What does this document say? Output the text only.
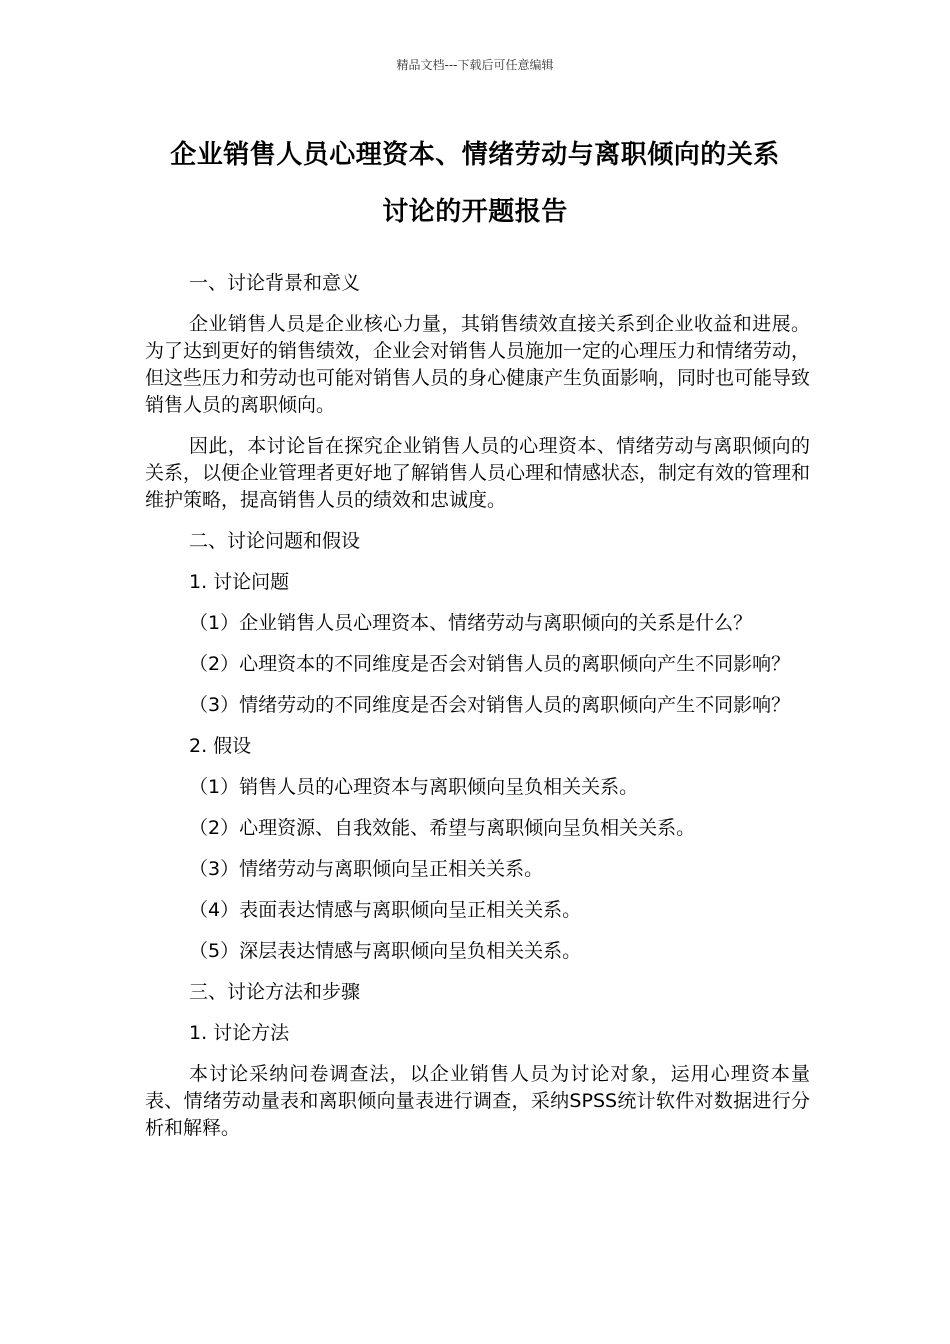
精品文档---下载后可任意编辑
企业销售人员心理资本、情绪劳动与离职倾向的关系
讨论的开题报告

一、讨论背景和意义

企业销售人员是企业核心力量，其销售绩效直接关系到企业收益和进展。为了达到更好的销售绩效，企业会对销售人员施加一定的心理压力和情绪劳动，但这些压力和劳动也可能对销售人员的身心健康产生负面影响，同时也可能导致销售人员的离职倾向。

因此，本讨论旨在探究企业销售人员的心理资本、情绪劳动与离职倾向的关系，以便企业管理者更好地了解销售人员心理和情感状态，制定有效的管理和维护策略，提高销售人员的绩效和忠诚度。

二、讨论问题和假设

1. 讨论问题

（1）企业销售人员心理资本、情绪劳动与离职倾向的关系是什么？

（2）心理资本的不同维度是否会对销售人员的离职倾向产生不同影响？

（3）情绪劳动的不同维度是否会对销售人员的离职倾向产生不同影响？

2. 假设

（1）销售人员的心理资本与离职倾向呈负相关关系。

（2）心理资源、自我效能、希望与离职倾向呈负相关关系。

（3）情绪劳动与离职倾向呈正相关关系。

（4）表面表达情感与离职倾向呈正相关关系。

（5）深层表达情感与离职倾向呈负相关关系。

三、讨论方法和步骤

1. 讨论方法

本讨论采纳问卷调查法，以企业销售人员为讨论对象，运用心理资本量表、情绪劳动量表和离职倾向量表进行调查，采纳SPSS统计软件对数据进行分析和解释。
